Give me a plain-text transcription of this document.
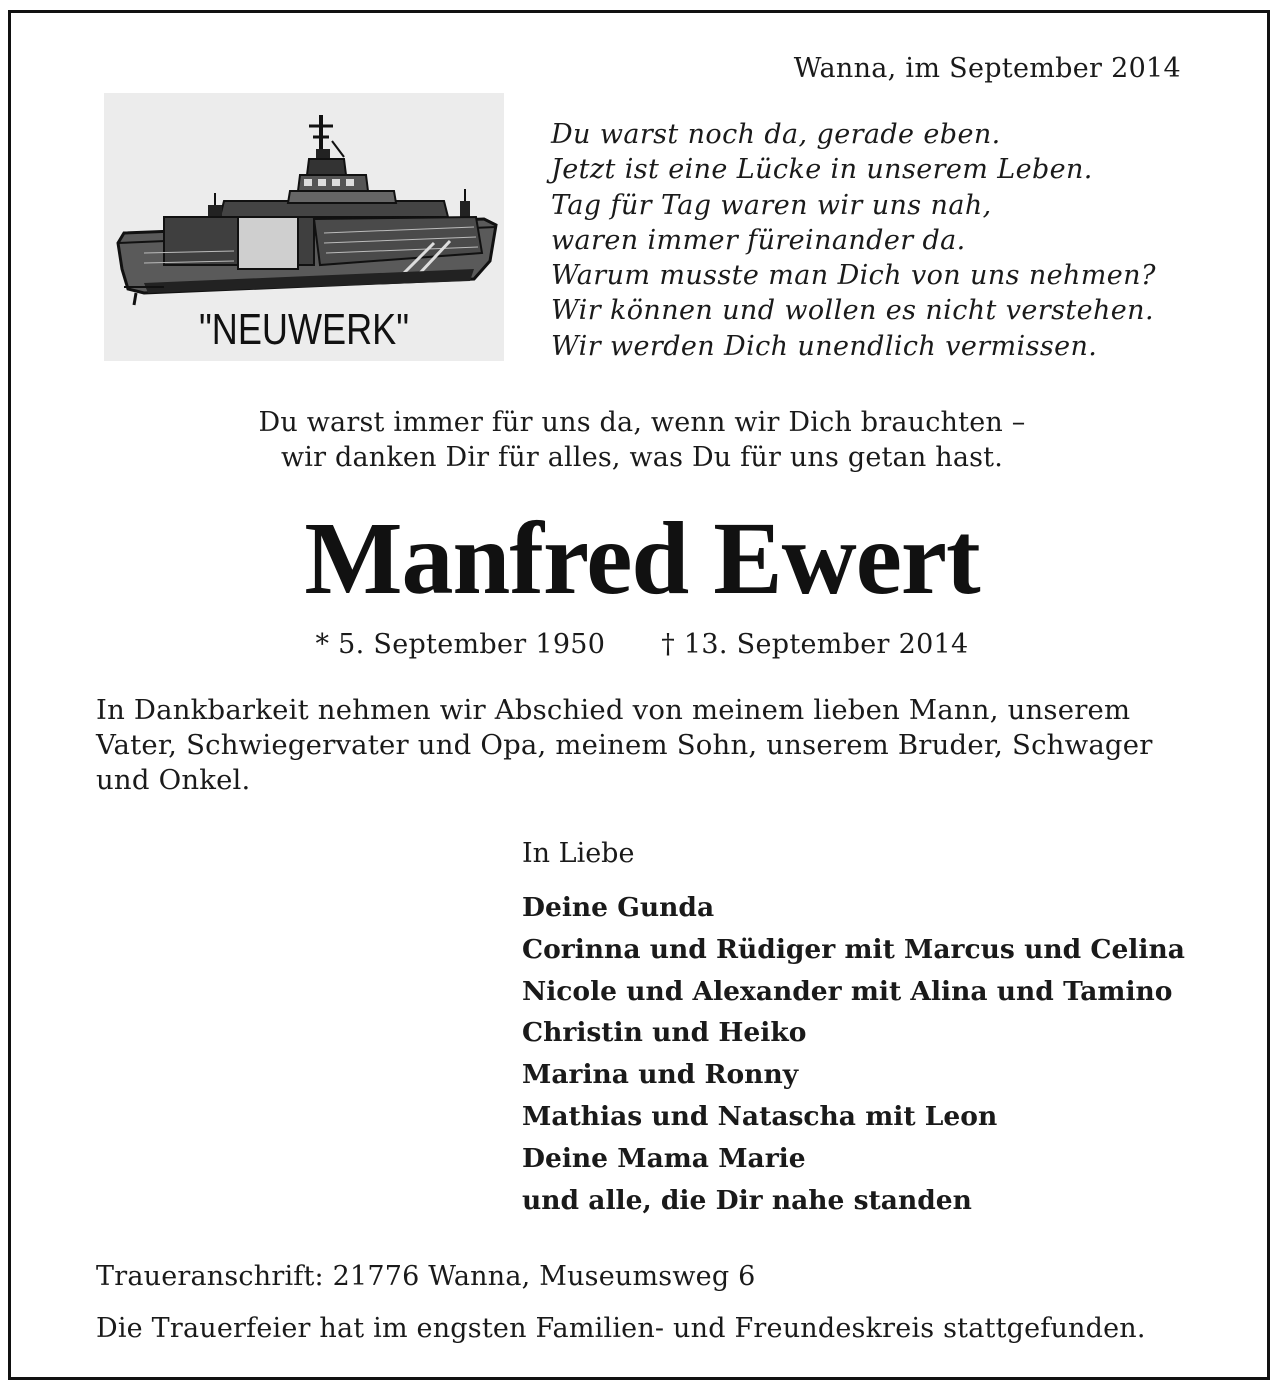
Wanna, im September 2014
"NEUWERK"
Du warst noch da, gerade eben.
Jetzt ist eine Lücke in unserem Leben.
Tag für Tag waren wir uns nah,
waren immer füreinander da.
Warum musste man Dich von uns nehmen?
Wir können und wollen es nicht verstehen.
Wir werden Dich unendlich vermissen.
Du warst immer für uns da, wenn wir Dich brauchten –
wir danken Dir für alles, was Du für uns getan hast.
Manfred Ewert
* 5. September 1950 † 13. September 2014
In Dankbarkeit nehmen wir Abschied von meinem lieben Mann, unserem Vater, Schwiegervater und Opa, meinem Sohn, unserem Bruder, Schwager und Onkel.
In Liebe
Deine Gunda
Corinna und Rüdiger mit Marcus und Celina
Nicole und Alexander mit Alina und Tamino
Christin und Heiko
Marina und Ronny
Mathias und Natascha mit Leon
Deine Mama Marie
und alle, die Dir nahe standen
Traueranschrift: 21776 Wanna, Museumsweg 6
Die Trauerfeier hat im engsten Familien- und Freundeskreis stattgefunden.
